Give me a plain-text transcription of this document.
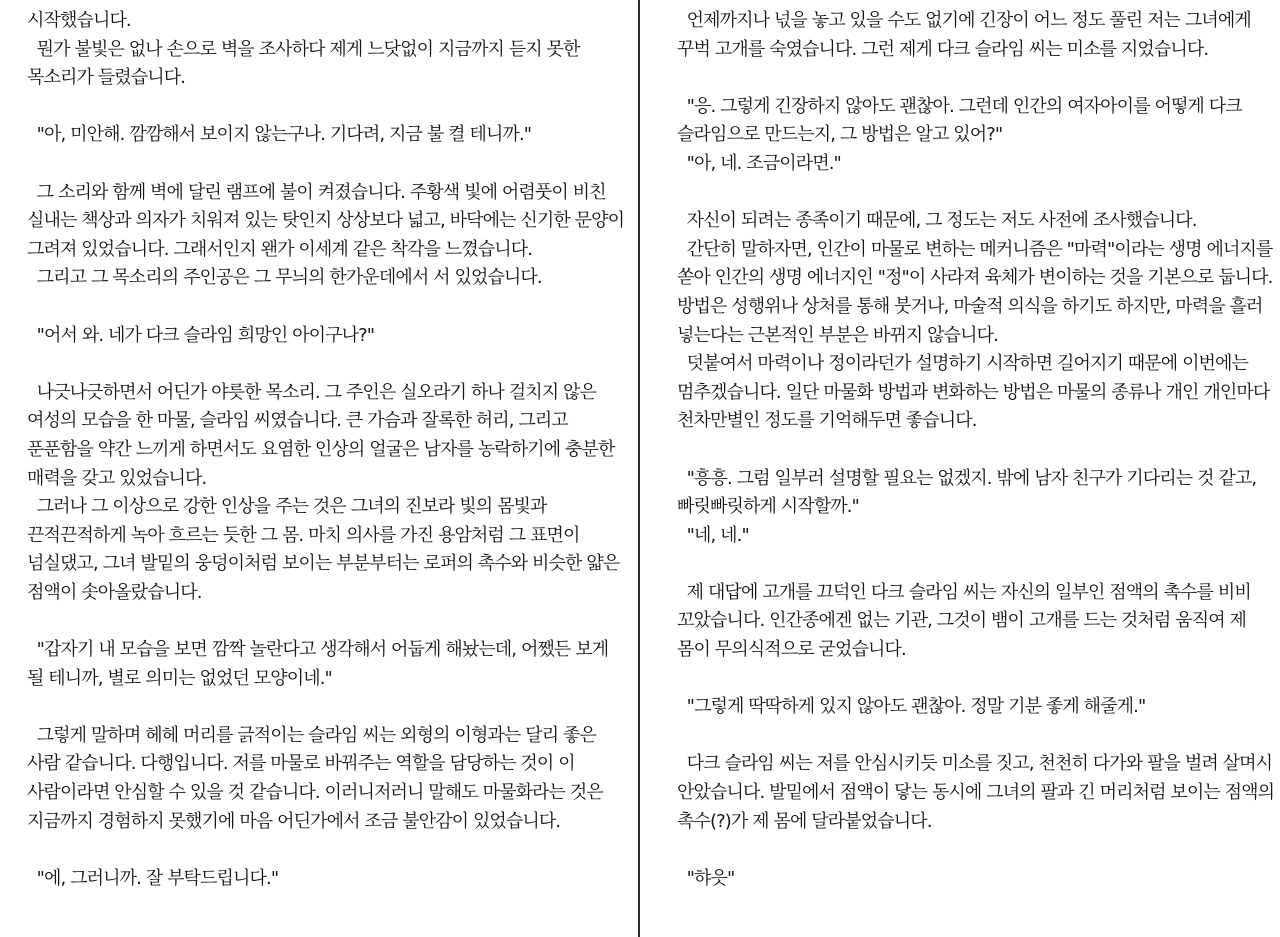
시작했습니다.
뭔가 불빛은 없나 손으로 벽을 조사하다 제게 느닷없이 지금까지 듣지 못한
목소리가 들렸습니다.

"아, 미안해. 깜깜해서 보이지 않는구나. 기다려, 지금 불 켤 테니까."

그 소리와 함께 벽에 달린 램프에 불이 켜졌습니다. 주황색 빛에 어렴풋이 비친
실내는 책상과 의자가 치워져 있는 탓인지 상상보다 넓고, 바닥에는 신기한 문양이
그려져 있었습니다. 그래서인지 왠가 이세계 같은 착각을 느꼈습니다.
그리고 그 목소리의 주인공은 그 무늬의 한가운데에서 서 있었습니다.

"어서 와. 네가 다크 슬라임 희망인 아이구나?"

나긋나긋하면서 어딘가 야릇한 목소리. 그 주인은 실오라기 하나 걸치지 않은
여성의 모습을 한 마물, 슬라임 씨였습니다. 큰 가슴과 잘록한 허리, 그리고
푼푼함을 약간 느끼게 하면서도 요염한 인상의 얼굴은 남자를 농락하기에 충분한
매력을 갖고 있었습니다.
그러나 그 이상으로 강한 인상을 주는 것은 그녀의 진보라 빛의 몸빛과
끈적끈적하게 녹아 흐르는 듯한 그 몸. 마치 의사를 가진 용암처럼 그 표면이
넘실댔고, 그녀 발밑의 웅덩이처럼 보이는 부분부터는 로퍼의 촉수와 비슷한 얇은
점액이 솟아올랐습니다.

"갑자기 내 모습을 보면 깜짝 놀란다고 생각해서 어둡게 해놨는데, 어쨌든 보게
될 테니까, 별로 의미는 없었던 모양이네."

그렇게 말하며 헤헤 머리를 긁적이는 슬라임 씨는 외형의 이형과는 달리 좋은
사람 같습니다. 다행입니다. 저를 마물로 바꿔주는 역할을 담당하는 것이 이
사람이라면 안심할 수 있을 것 같습니다. 이러니저러니 말해도 마물화라는 것은
지금까지 경험하지 못했기에 마음 어딘가에서 조금 불안감이 있었습니다.

"에, 그러니까. 잘 부탁드립니다."

언제까지나 넋을 놓고 있을 수도 없기에 긴장이 어느 정도 풀린 저는 그녀에게
꾸벅 고개를 숙였습니다. 그런 제게 다크 슬라임 씨는 미소를 지었습니다.

"응. 그렇게 긴장하지 않아도 괜찮아. 그런데 인간의 여자아이를 어떻게 다크
슬라임으로 만드는지, 그 방법은 알고 있어?"
"아, 네. 조금이라면."

자신이 되려는 종족이기 때문에, 그 정도는 저도 사전에 조사했습니다.
간단히 말하자면, 인간이 마물로 변하는 메커니즘은 "마력"이라는 생명 에너지를
쏟아 인간의 생명 에너지인 "정"이 사라져 육체가 변이하는 것을 기본으로 둡니다.
방법은 성행위나 상처를 통해 붓거나, 마술적 의식을 하기도 하지만, 마력을 흘러
넣는다는 근본적인 부분은 바뀌지 않습니다.
덧붙여서 마력이나 정이라던가 설명하기 시작하면 길어지기 때문에 이번에는
멈추겠습니다. 일단 마물화 방법과 변화하는 방법은 마물의 종류나 개인 개인마다
천차만별인 정도를 기억해두면 좋습니다.

"흥흥. 그럼 일부러 설명할 필요는 없겠지. 밖에 남자 친구가 기다리는 것 같고,
빠릿빠릿하게 시작할까."
"네, 네."

제 대답에 고개를 끄덕인 다크 슬라임 씨는 자신의 일부인 점액의 촉수를 비비
꼬았습니다. 인간종에겐 없는 기관, 그것이 뱀이 고개를 드는 것처럼 움직여 제
몸이 무의식적으로 굳었습니다.

"그렇게 딱딱하게 있지 않아도 괜찮아. 정말 기분 좋게 해줄게."

다크 슬라임 씨는 저를 안심시키듯 미소를 짓고, 천천히 다가와 팔을 벌려 살며시
안았습니다. 발밑에서 점액이 닿는 동시에 그녀의 팔과 긴 머리처럼 보이는 점액의
촉수(?)가 제 몸에 달라붙었습니다.

"햐읏"
